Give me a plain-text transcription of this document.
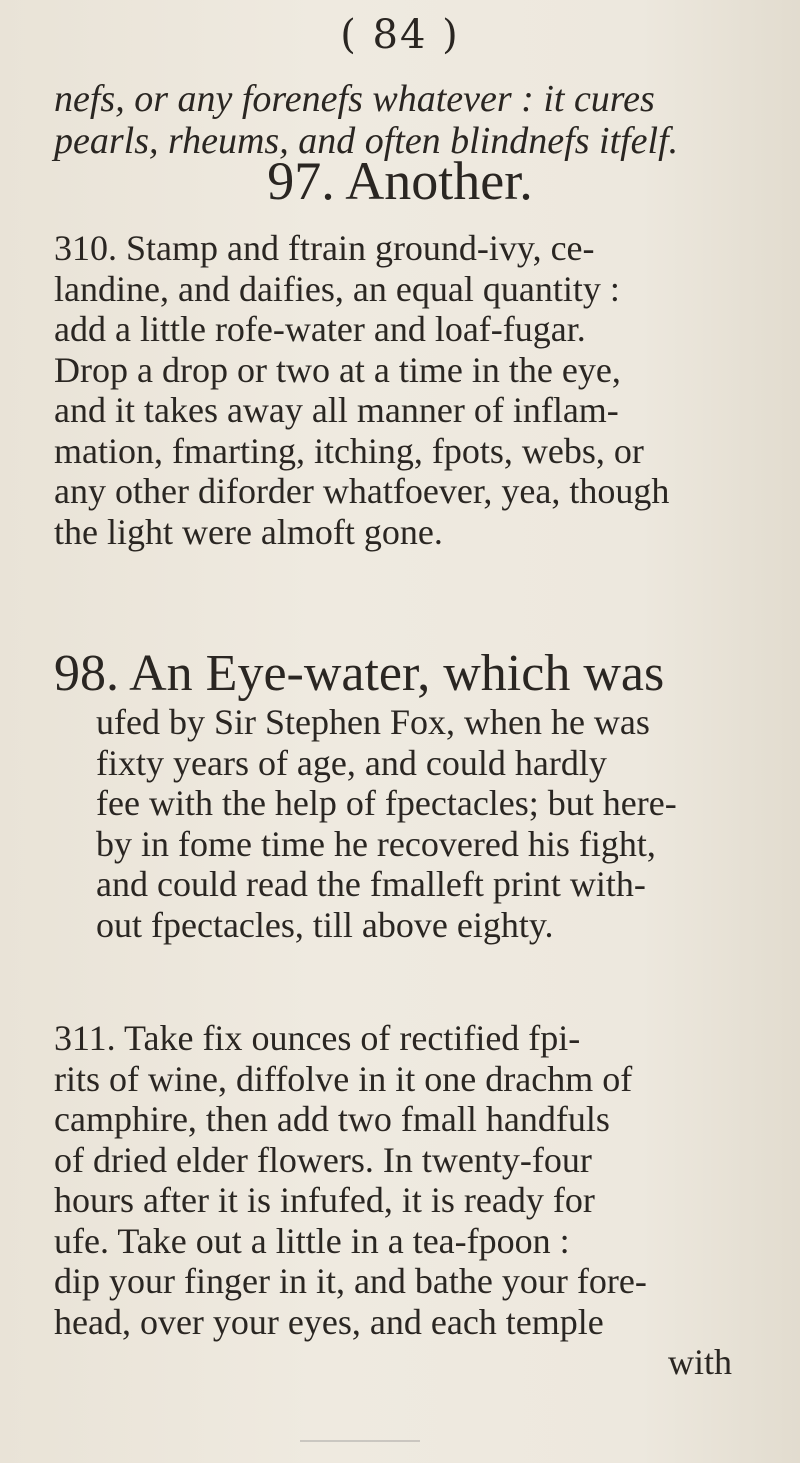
( 84 )
nefs, or any forenefs whatever : it cures
pearls, rheums, and often blindnefs itfelf.
97. Another.
310. Stamp and ftrain ground-ivy, ce-
landine, and daifies, an equal quantity :
add a little rofe-water and loaf-fugar.
Drop a drop or two at a time in the eye,
and it takes away all manner of inflam-
mation, fmarting, itching, fpots, webs, or
any other diforder whatfoever, yea, though
the light were almoft gone.
98. An Eye-water, which was
ufed by Sir Stephen Fox, when he was
fixty years of age, and could hardly
fee with the help of fpectacles; but here-
by in fome time he recovered his fight,
and could read the fmalleft print with-
out fpectacles, till above eighty.
311. Take fix ounces of rectified fpi-
rits of wine, diffolve in it one drachm of
camphire, then add two fmall handfuls
of dried elder flowers. In twenty-four
hours after it is infufed, it is ready for
ufe. Take out a little in a tea-fpoon :
dip your finger in it, and bathe your fore-
head, over your eyes, and each temple
with
